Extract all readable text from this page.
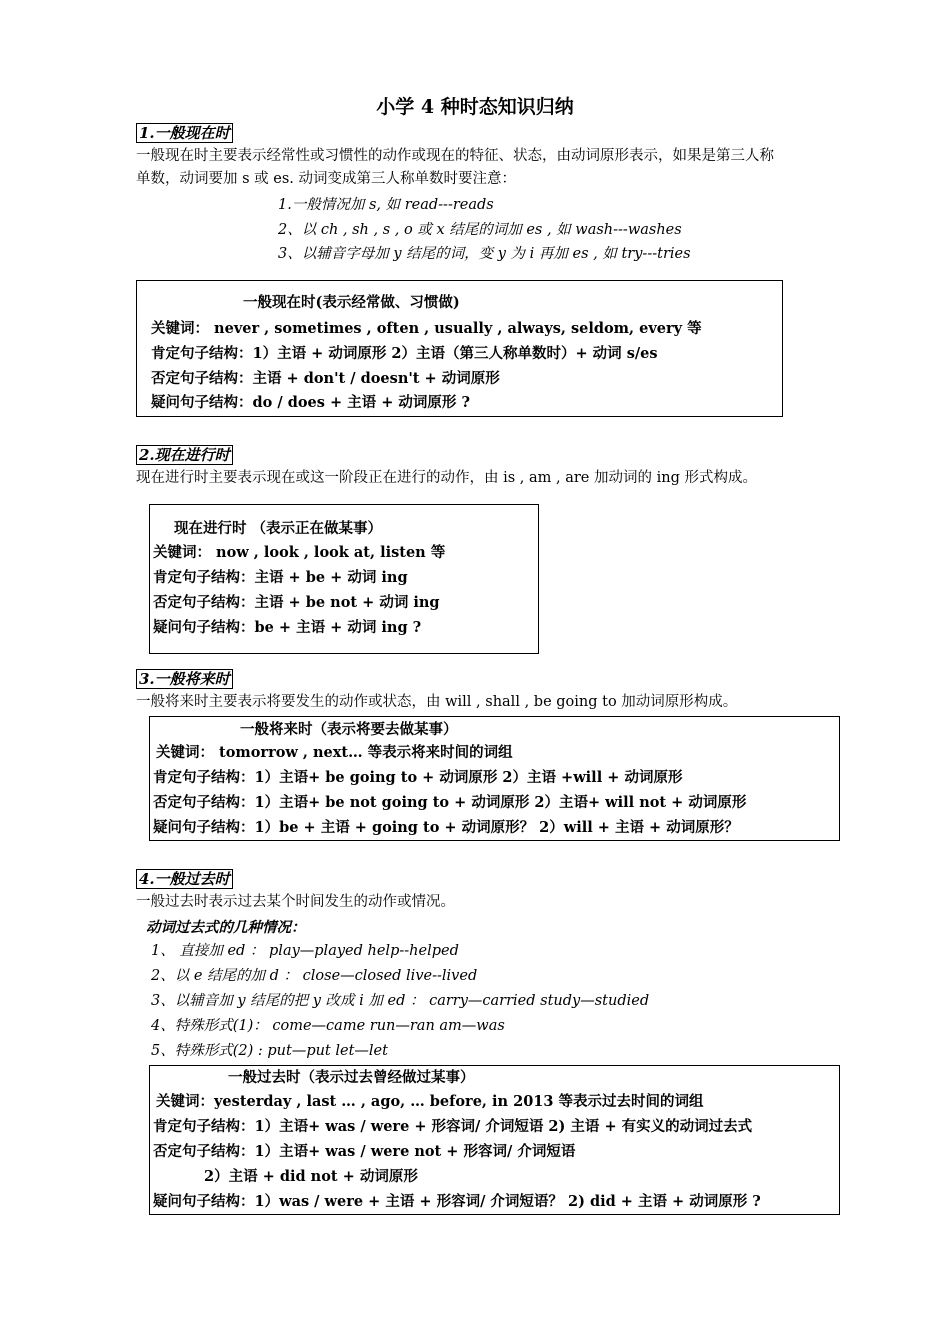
小学 4 种时态知识归纳
1.一般现在时
一般现在时主要表示经常性或习惯性的动作或现在的特征、状态，由动词原形表示，如果是第三人称
单数，动词要加 s 或 es. 动词变成第三人称单数时要注意：
1.一般情况加 s, 如 read---reads
2、以 ch , sh , s , o 或 x 结尾的词加 es , 如 wash---washes
3、以辅音字母加 y 结尾的词，变 y 为 i 再加 es , 如 try---tries
一般现在时(表示经常做、习惯做)
关键词： never , sometimes , often , usually , always, seldom, every 等
肯定句子结构：1）主语 + 动词原形 2）主语（第三人称单数时）+ 动词 s/es
否定句子结构：主语 + don't / doesn't + 动词原形
疑问句子结构：do / does + 主语 + 动词原形 ?
2.现在进行时
现在进行时主要表示现在或这一阶段正在进行的动作，由 is , am , are 加动词的 ing 形式构成。
现在进行时 （表示正在做某事）
关键词： now , look , look at, listen 等
肯定句子结构：主语 + be + 动词 ing
否定句子结构：主语 + be not + 动词 ing
疑问句子结构：be + 主语 + 动词 ing ?
3.一般将来时
一般将来时主要表示将要发生的动作或状态，由 will , shall , be going to 加动词原形构成。
一般将来时（表示将要去做某事）
关键词： tomorrow , next… 等表示将来时间的词组
肯定句子结构：1）主语+ be going to + 动词原形 2）主语 +will + 动词原形
否定句子结构：1）主语+ be not going to + 动词原形 2）主语+ will not + 动词原形
疑问句子结构：1）be + 主语 + going to + 动词原形？ 2）will + 主语 + 动词原形？
4.一般过去时
一般过去时表示过去某个时间发生的动作或情况。
动词过去式的几种情况：
1、 直接加 ed ： play—played help--helped
2、以 e 结尾的加 d ： close—closed live--lived
3、以辅音加 y 结尾的把 y 改成 i 加 ed ： carry—carried study—studied
4、特殊形式(1)： come—came run—ran am—was
5、特殊形式(2) : put—put let—let
一般过去时（表示过去曾经做过某事）
关键词：yesterday , last … , ago, … before, in 2013 等表示过去时间的词组
肯定句子结构：1）主语+ was / were + 形容词/ 介词短语 2) 主语 + 有实义的动词过去式
否定句子结构：1）主语+ was / were not + 形容词/ 介词短语
2）主语 + did not + 动词原形
疑问句子结构：1）was / were + 主语 + 形容词/ 介词短语？ 2) did + 主语 + 动词原形 ?
